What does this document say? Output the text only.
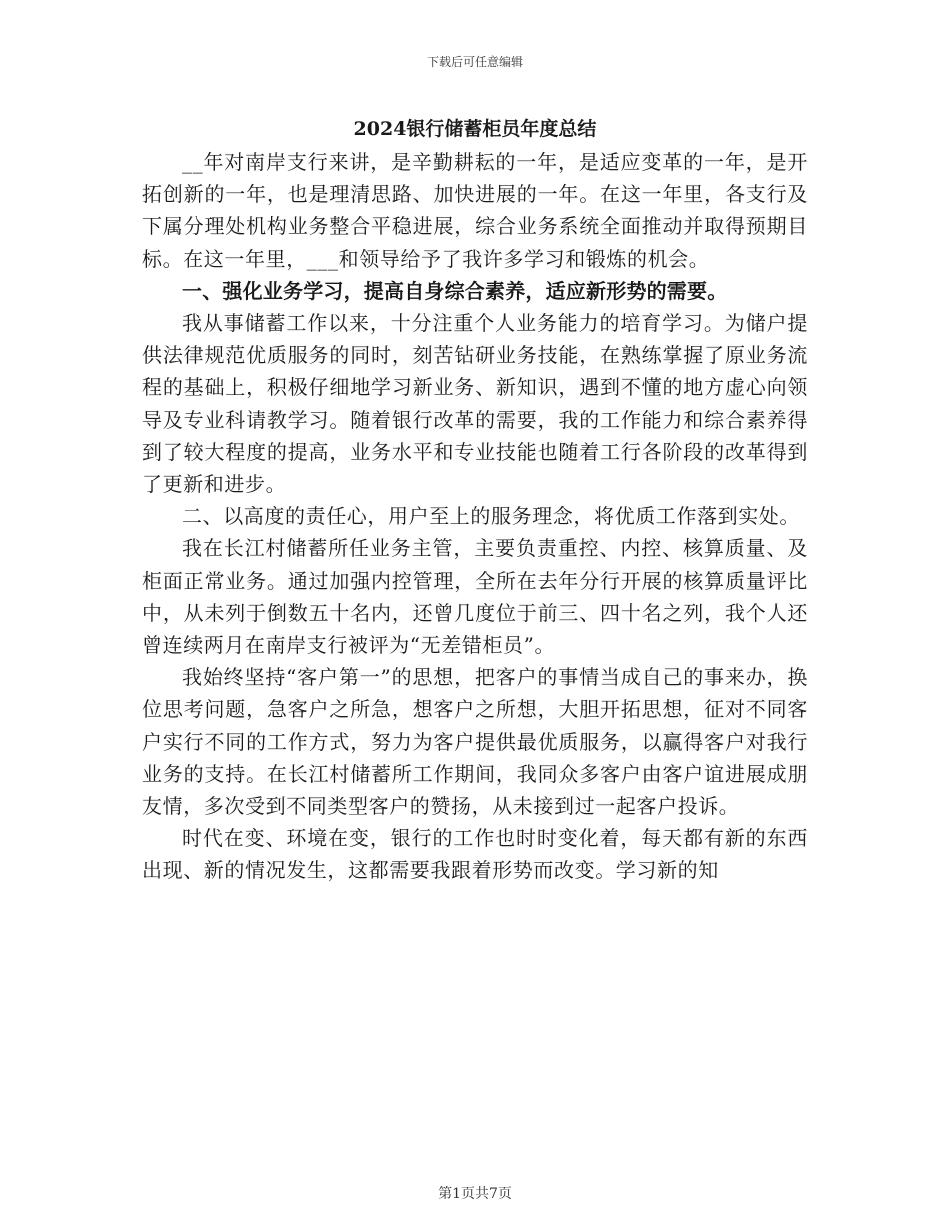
下载后可任意编辑
2024银行储蓄柜员年度总结

__年对南岸支行来讲，是辛勤耕耘的一年，是适应变革的一年，是开拓创新的一年，也是理清思路、加快进展的一年。在这一年里，各支行及下属分理处机构业务整合平稳进展，综合业务系统全面推动并取得预期目标。在这一年里，___和领导给予了我许多学习和锻炼的机会。

一、强化业务学习，提高自身综合素养，适应新形势的需要。

我从事储蓄工作以来，十分注重个人业务能力的培育学习。为储户提供法律规范优质服务的同时，刻苦钻研业务技能，在熟练掌握了原业务流程的基础上，积极仔细地学习新业务、新知识，遇到不懂的地方虚心向领导及专业科请教学习。随着银行改革的需要，我的工作能力和综合素养得到了较大程度的提高，业务水平和专业技能也随着工行各阶段的改革得到了更新和进步。

二、以高度的责任心，用户至上的服务理念，将优质工作落到实处。

我在长江村储蓄所任业务主管，主要负责重控、内控、核算质量、及柜面正常业务。通过加强内控管理，全所在去年分行开展的核算质量评比中，从未列于倒数五十名内，还曾几度位于前三、四十名之列，我个人还曾连续两月在南岸支行被评为“无差错柜员”。

我始终坚持“客户第一”的思想，把客户的事情当成自己的事来办，换位思考问题，急客户之所急，想客户之所想，大胆开拓思想，征对不同客户实行不同的工作方式，努力为客户提供最优质服务，以赢得客户对我行业务的支持。在长江村储蓄所工作期间，我同众多客户由客户谊进展成朋友情，多次受到不同类型客户的赞扬，从未接到过一起客户投诉。

时代在变、环境在变，银行的工作也时时变化着，每天都有新的东西出现、新的情况发生，这都需要我跟着形势而改变。学习新的知

第1页共7页
